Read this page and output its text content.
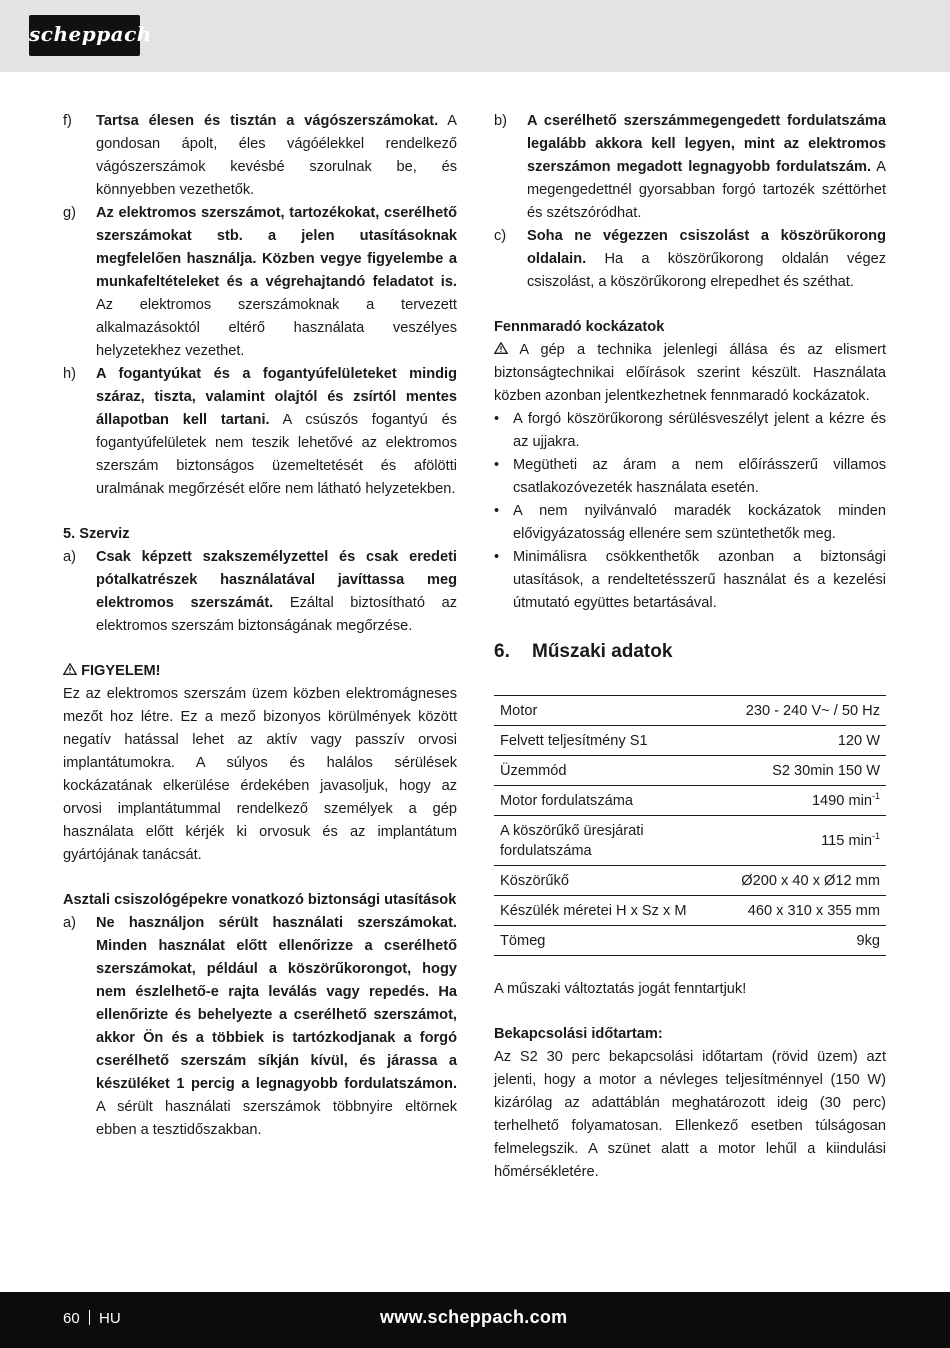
scheppach
f)	Tartsa élesen és tisztán a vágószerszámokat. A gondosan ápolt, éles vágóélekkel rendelkező vágószerszámok kevésbé szorulnak be, és könnyebben vezethetők.
g)	Az elektromos szerszámot, tartozékokat, cserélhető szerszámokat stb. a jelen utasításoknak megfelelően használja. Közben vegye figyelembe a munkafeltételeket és a végrehajtandó feladatot is. Az elektromos szerszámoknak a tervezett alkalmazásoktól eltérő használata veszélyes helyzetekhez vezethet.
h)	A fogantyúkat és a fogantyúfelületeket mindig száraz, tiszta, valamint olajtól és zsírtól mentes állapotban kell tartani. A csúszós fogantyú és fogantyúfelületek nem teszik lehetővé az elektromos szerszám biztonságos üzemeltetését és afölötti uralmának megőrzését előre nem látható helyzetekben.

5. Szerviz

a)	Csak képzett szakszemélyzettel és csak eredeti pótalkatrészek használatával javíttassa meg elektromos szerszámát. Ezáltal biztosítható az elektromos szerszám biztonságának megőrzése.

FIGYELEM!

Ez az elektromos szerszám üzem közben elektromágneses mezőt hoz létre. Ez a mező bizonyos körülmények között negatív hatással lehet az aktív vagy passzív orvosi implantátumokra. A súlyos és halálos sérülések kockázatának elkerülése érdekében javasoljuk, hogy az orvosi implantátummal rendelkező személyek a gép használata előtt kérjék ki orvosuk és az implantátum gyártójának tanácsát.

Asztali csiszológépekre vonatkozó biztonsági utasítások

a)	Ne használjon sérült használati szerszámokat. Minden használat előtt ellenőrizze a cserélhető szerszámokat, például a köszörűkorongot, hogy nem észlelhető-e rajta leválás vagy repedés. Ha ellenőrizte és behelyezte a cserélhető szerszámot, akkor Ön és a többiek is tartózkodjanak a forgó cserélhető szerszám síkján kívül, és járassa a készüléket 1 percig a legnagyobb fordulatszámon. A sérült használati szerszámok többnyire eltörnek ebben a tesztidőszakban.
b)	A cserélhető szerszámmegengedett fordulatszáma legalább akkora kell legyen, mint az elektromos szerszámon megadott legnagyobb fordulatszám. A megengedettnél gyorsabban forgó tartozék széttörhet és szétszóródhat.
c)	Soha ne végezzen csiszolást a köszörűkorong oldalain. Ha a köszörűkorong oldalán végez csiszolást, a köszörűkorong elrepedhet és széthat.

Fennmaradó kockázatok

A gép a technika jelenlegi állása és az elismert biztonságtechnikai előírások szerint készült. Használata közben azonban jelentkezhetnek fennmaradó kockázatok.

• A forgó köszörűkorong sérülésveszélyt jelent a kézre és az ujjakra.
• Megütheti az áram a nem előírásszerű villamos csatlakozóvezeték használata esetén.
• A nem nyilvánvaló maradék kockázatok minden elővigyázatosság ellenére sem szüntethetők meg.
• Minimálisra csökkenthetők azonban a biztonsági utasítások, a rendeltetésszerű használat és a kezelési útmutató együttes betartásával.
6. Műszaki adatok
Motor	230 - 240 V~ / 50 Hz
Felvett teljesítmény S1	120 W
Üzemmód	S2 30min 150 W
Motor fordulatszáma	1490 $\min^{-1}$
A köszörűkő üresjárati fordulatszáma	115 $\min^{-1}$
Köszörűkő	Ø200 x 40 x Ø12 mm
Készülék méretei H x Sz x M	460 x 310 x 355 mm
Tömeg	9kg

A műszaki változtatás jogát fenntartjuk!

Bekapcsolási időtartam:

Az S2 30 perc bekapcsolási időtartam (rövid üzem) azt jelenti, hogy a motor a névleges teljesítménnyel (150 W) kizárólag az adattáblán meghatározott ideig (30 perc) terhelhető folyamatosan. Ellenkező esetben túlságosan felmelegszik. A szünet alatt a motor lehűl a kiindulási hőmérsékletére.

60 HU	www.scheppach.com
